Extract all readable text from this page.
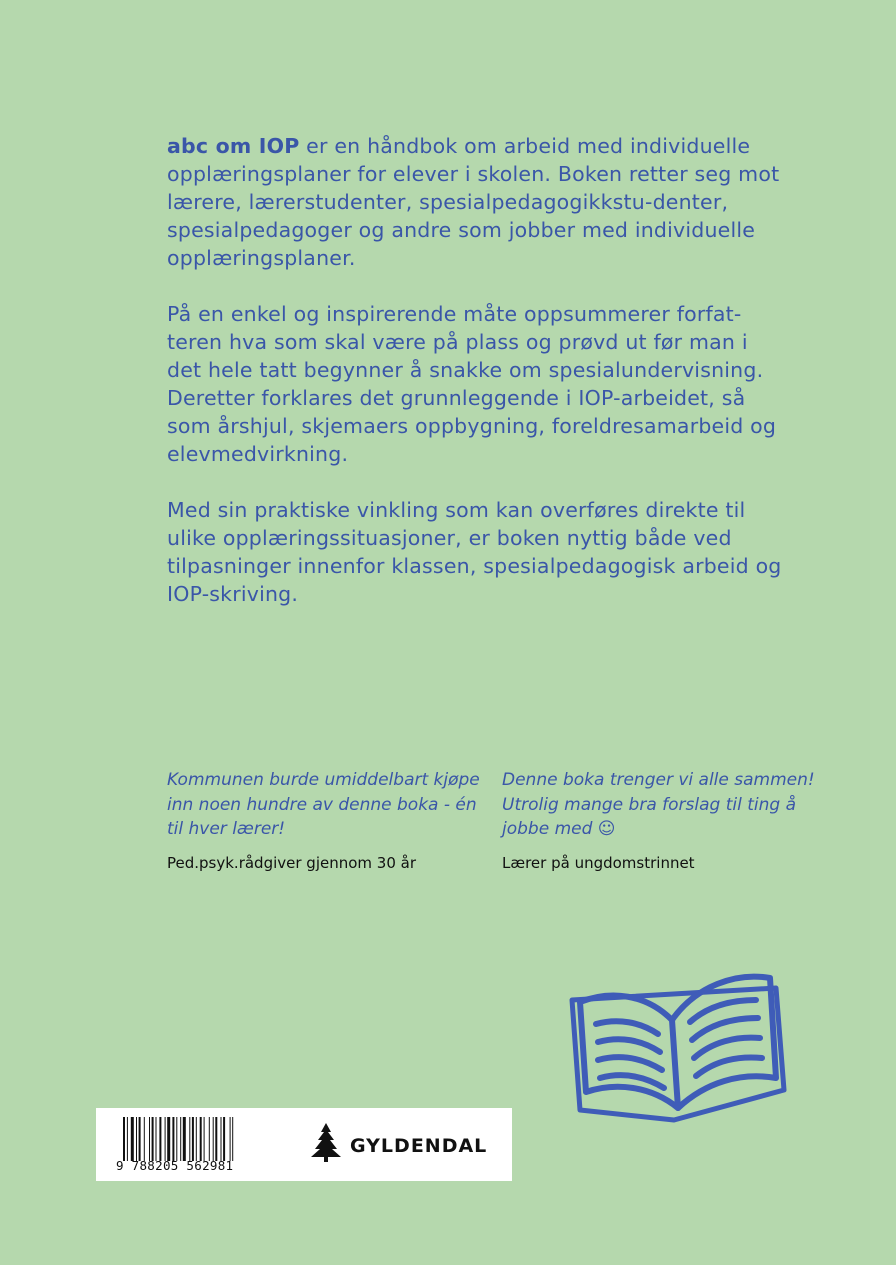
abc om IOP er en håndbok om arbeid med individuelle opplæringsplaner for elever i skolen. Boken retter seg mot lærere, lærerstudenter, spesialpedagogikkstu-denter, spesialpedagoger og andre som jobber med individuelle opplæringsplaner.

På en enkel og inspirerende måte oppsummerer forfat-teren hva som skal være på plass og prøvd ut før man i det hele tatt begynner å snakke om spesialundervisning. Deretter forklares det grunnleggende i IOP-arbeidet, så som årshjul, skjemaers oppbygning, foreldresamarbeid og elevmedvirkning.

Med sin praktiske vinkling som kan overføres direkte til ulike opplæringssituasjoner, er boken nyttig både ved tilpasninger innenfor klassen, spesialpedagogisk arbeid og IOP-skriving.

Kommunen burde umiddelbart kjøpe inn noen hundre av denne boka - én til hver lærer!

Ped.psyk.rådgiver gjennom 30 år

Denne boka trenger vi alle sammen! Utrolig mange bra forslag til ting å jobbe med ☺

Lærer på ungdomstrinnet
9 788205 562981
GYLDENDAL
